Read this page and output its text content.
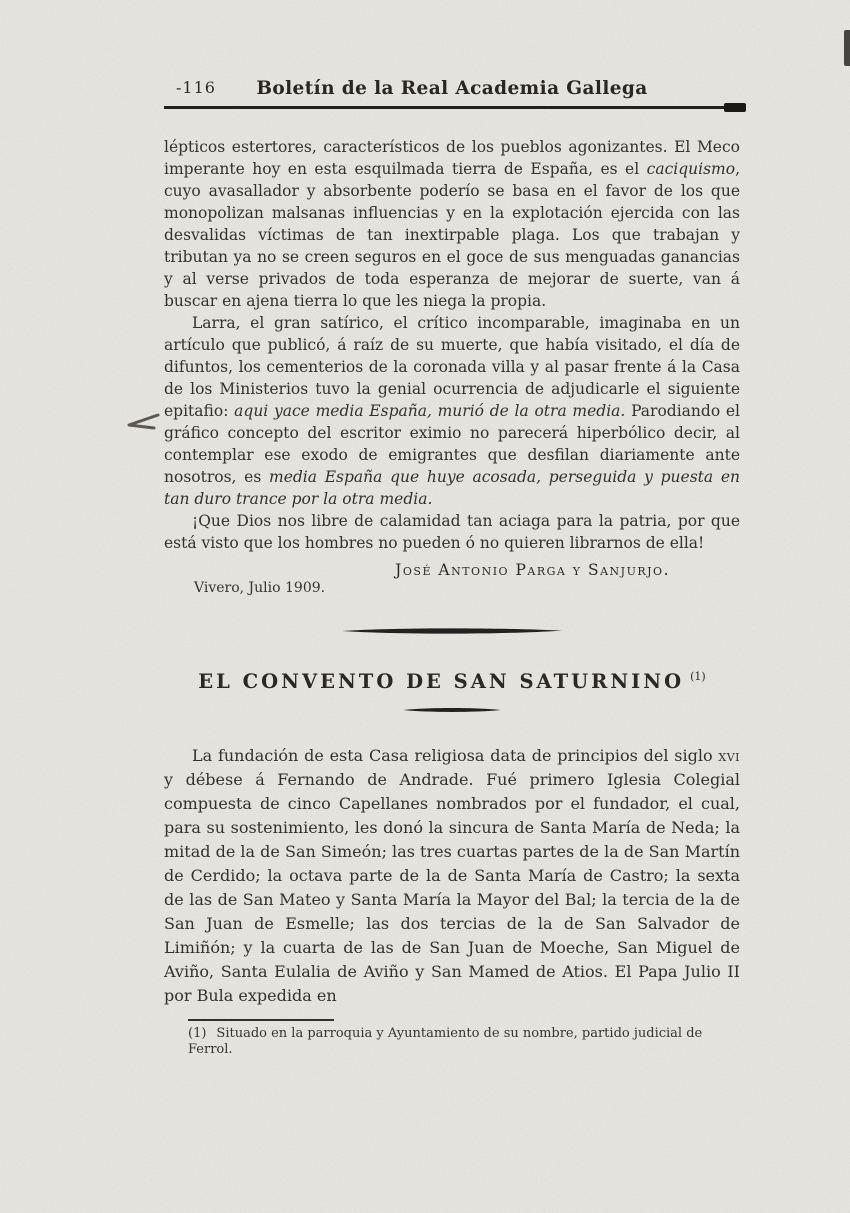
-116	Boletín de la Real Academia Gallega

lépticos estertores, característicos de los pueblos agonizantes. El Meco imperante hoy en esta esquilmada tierra de España, es el caciquismo, cuyo avasallador y absorbente poderío se basa en el favor de los que monopolizan malsanas influencias y en la explotación ejercida con las desvalidas víctimas de tan inextirpable plaga. Los que trabajan y tributan ya no se creen seguros en el goce de sus menguadas ganancias y al verse privados de toda esperanza de mejorar de suerte, van á buscar en ajena tierra lo que les niega la propia.

Larra, el gran satírico, el crítico incomparable, imaginaba en un artículo que publicó, á raíz de su muerte, que había visitado, el día de difuntos, los cementerios de la coronada villa y al pasar frente á la Casa de los Ministerios tuvo la genial ocurrencia de adjudicarle el siguiente epitafio: aqui yace media España, murió de la otra media. Parodiando el gráfico concepto del escritor eximio no parecerá hiperbólico decir, al contemplar ese exodo de emigrantes que desfilan diariamente ante nosotros, es media España que huye acosada, perseguida y puesta en tan duro trance por la otra media.

¡Que Dios nos libre de calamidad tan aciaga para la patria, por que está visto que los hombres no pueden ó no quieren librarnos de ella!

José Antonio Parga y Sanjurjo.
Vivero, Julio 1909.
EL CONVENTO DE SAN SATURNINO $^{(1)}$

La fundación de esta Casa religiosa data de principios del siglo xvi y débese á Fernando de Andrade. Fué primero Iglesia Colegial compuesta de cinco Capellanes nombrados por el fundador, el cual, para su sostenimiento, les donó la sincura de Santa María de Neda; la mitad de la de San Simeón; las tres cuartas partes de la de San Martín de Cerdido; la octava parte de la de Santa María de Castro; la sexta de las de San Mateo y Santa María la Mayor del Bal; la tercia de la de San Juan de Esmelle; las dos tercias de la de San Salvador de Limiñón; y la cuarta de las de San Juan de Moeche, San Miguel de Aviño, Santa Eulalia de Aviño y San Mamed de Atios. El Papa Julio II por Bula expedida en

(1) Situado en la parroquia y Ayuntamiento de su nombre, partido judicial de Ferrol.
